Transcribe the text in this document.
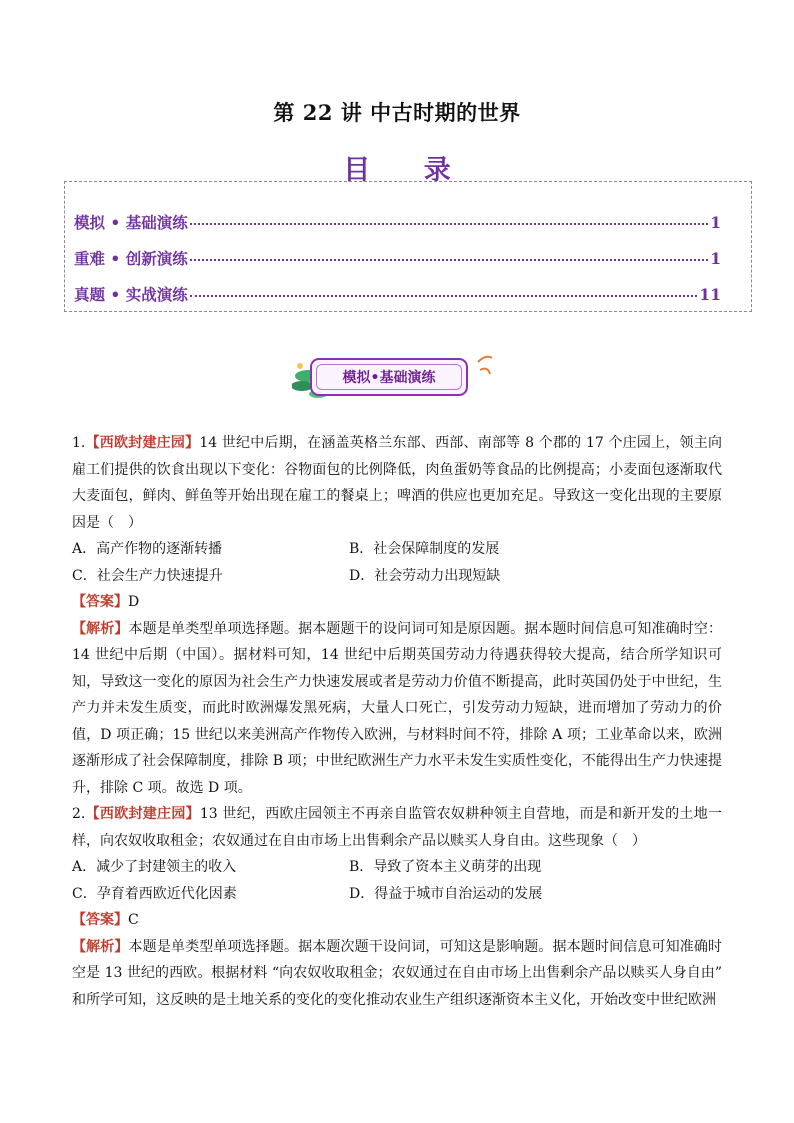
第 22 讲 中古时期的世界
目 录
模拟 • 基础演练	1
重难 • 创新演练	1
真题 • 实战演练	11
模拟•基础演练

1.【西欧封建庄园】14 世纪中后期，在涵盖英格兰东部、西部、南部等 8 个郡的 17 个庄园上，领主向雇工们提供的饮食出现以下变化：谷物面包的比例降低，肉鱼蛋奶等食品的比例提高；小麦面包逐渐取代大麦面包，鲜肉、鲜鱼等开始出现在雇工的餐桌上；啤酒的供应也更加充足。导致这一变化出现的主要原因是（　）

A．高产作物的逐渐转播	B．社会保障制度的发展
C．社会生产力快速提升	D．社会劳动力出现短缺

【答案】D

【解析】本题是单类型单项选择题。据本题题干的设问词可知是原因题。据本题时间信息可知准确时空：14 世纪中后期（中国）。据材料可知，14 世纪中后期英国劳动力待遇获得较大提高，结合所学知识可知，导致这一变化的原因为社会生产力快速发展或者是劳动力价值不断提高，此时英国仍处于中世纪，生产力并未发生质变，而此时欧洲爆发黑死病，大量人口死亡，引发劳动力短缺，进而增加了劳动力的价值，D 项正确；15 世纪以来美洲高产作物传入欧洲，与材料时间不符，排除 A 项；工业革命以来，欧洲逐渐形成了社会保障制度，排除 B 项；中世纪欧洲生产力水平未发生实质性变化，不能得出生产力快速提升，排除 C 项。故选 D 项。

2.【西欧封建庄园】13 世纪，西欧庄园领主不再亲自监管农奴耕种领主自营地，而是和新开发的土地一样，向农奴收取租金；农奴通过在自由市场上出售剩余产品以赎买人身自由。这些现象（　）

A．减少了封建领主的收入	B．导致了资本主义萌芽的出现
C．孕育着西欧近代化因素	D．得益于城市自治运动的发展

【答案】C

【解析】本题是单类型单项选择题。据本题次题干设问词，可知这是影响题。据本题时间信息可知准确时空是 13 世纪的西欧。根据材料 “向农奴收取租金；农奴通过在自由市场上出售剩余产品以赎买人身自由” 和所学可知，这反映的是土地关系的变化的变化推动农业生产组织逐渐资本主义化，开始改变中世纪欧洲
